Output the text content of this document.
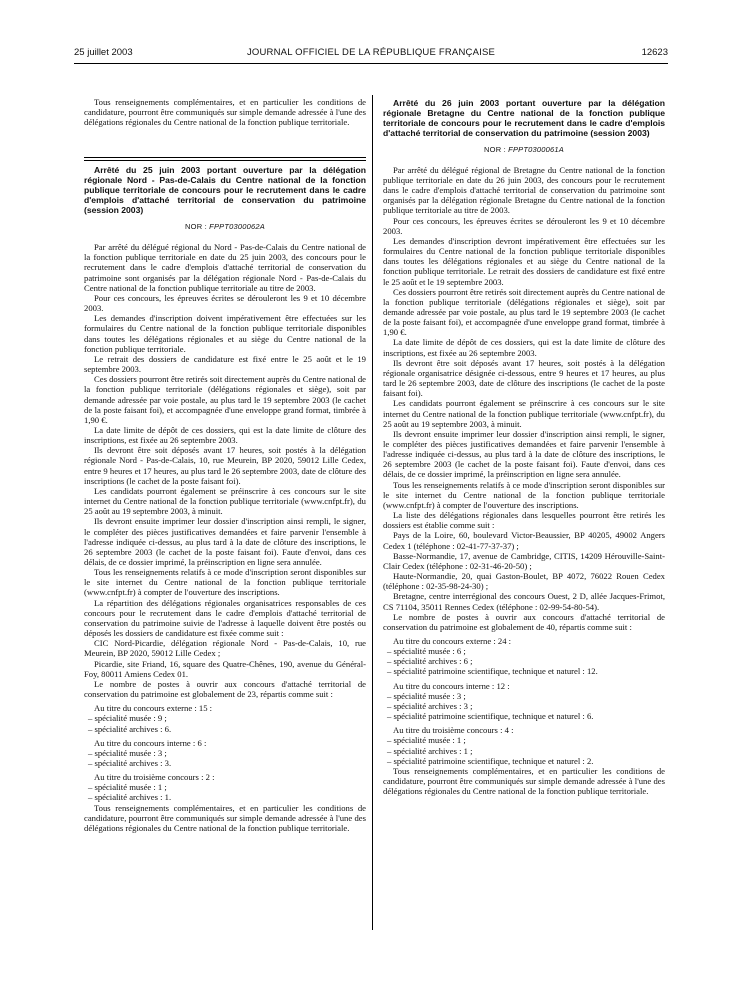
25 juillet 2003	JOURNAL OFFICIEL DE LA RÉPUBLIQUE FRANÇAISE	12623

Tous renseignements complémentaires, et en particulier les conditions de candidature, pourront être communiqués sur simple demande adressée à l'une des délégations régionales du Centre national de la fonction publique territoriale.

Arrêté du 25 juin 2003 portant ouverture par la délégation régionale Nord - Pas-de-Calais du Centre national de la fonction publique territoriale de concours pour le recrutement dans le cadre d'emplois d'attaché territorial de conservation du patrimoine (session 2003)

NOR : FPPT0300062A

Par arrêté du délégué régional du Nord - Pas-de-Calais du Centre national de la fonction publique territoriale en date du 25 juin 2003, des concours pour le recrutement dans le cadre d'emplois d'attaché territorial de conservation du patrimoine sont organisés par la délégation régionale Nord - Pas-de-Calais du Centre national de la fonction publique territoriale au titre de 2003.

Pour ces concours, les épreuves écrites se dérouleront les 9 et 10 décembre 2003.

Les demandes d'inscription doivent impérativement être effectuées sur les formulaires du Centre national de la fonction publique territoriale disponibles dans toutes les délégations régionales et au siège du Centre national de la fonction publique territoriale.

Le retrait des dossiers de candidature est fixé entre le 25 août et le 19 septembre 2003.

Ces dossiers pourront être retirés soit directement auprès du Centre national de la fonction publique territoriale (délégations régionales et siège), soit par demande adressée par voie postale, au plus tard le 19 septembre 2003 (le cachet de la poste faisant foi), et accompagnée d'une enveloppe grand format, timbrée à 1,90 €.

La date limite de dépôt de ces dossiers, qui est la date limite de clôture des inscriptions, est fixée au 26 septembre 2003.

Ils devront être soit déposés avant 17 heures, soit postés à la délégation régionale Nord - Pas-de-Calais, 10, rue Meurein, BP 2020, 59012 Lille Cedex, entre 9 heures et 17 heures, au plus tard le 26 septembre 2003, date de clôture des inscriptions (le cachet de la poste faisant foi).

Les candidats pourront également se préinscrire à ces concours sur le site internet du Centre national de la fonction publique territoriale (www.cnfpt.fr), du 25 août au 19 septembre 2003, à minuit.

Ils devront ensuite imprimer leur dossier d'inscription ainsi rempli, le signer, le compléter des pièces justificatives demandées et faire parvenir l'ensemble à l'adresse indiquée ci-dessus, au plus tard à la date de clôture des inscriptions, le 26 septembre 2003 (le cachet de la poste faisant foi). Faute d'envoi, dans ces délais, de ce dossier imprimé, la préinscription en ligne sera annulée.

Tous les renseignements relatifs à ce mode d'inscription seront disponibles sur le site internet du Centre national de la fonction publique territoriale (www.cnfpt.fr) à compter de l'ouverture des inscriptions.

La répartition des délégations régionales organisatrices responsables de ces concours pour le recrutement dans le cadre d'emplois d'attaché territorial de conservation du patrimoine suivie de l'adresse à laquelle doivent être postés ou déposés les dossiers de candidature est fixée comme suit :

CIC Nord-Picardie, délégation régionale Nord - Pas-de-Calais, 10, rue Meurein, BP 2020, 59012 Lille Cedex ;

Picardie, site Friand, 16, square des Quatre-Chênes, 190, avenue du Général-Foy, 80011 Amiens Cedex 01.

Le nombre de postes à ouvrir aux concours d'attaché territorial de conservation du patrimoine est globalement de 23, répartis comme suit :

Au titre du concours externe : 15 :

– spécialité musée : 9 ;
– spécialité archives : 6.

Au titre du concours interne : 6 :

– spécialité musée : 3 ;
– spécialité archives : 3.

Au titre du troisième concours : 2 :

– spécialité musée : 1 ;
– spécialité archives : 1.

Tous renseignements complémentaires, et en particulier les conditions de candidature, pourront être communiqués sur simple demande adressée à l'une des délégations régionales du Centre national de la fonction publique territoriale.

Arrêté du 26 juin 2003 portant ouverture par la délégation régionale Bretagne du Centre national de la fonction publique territoriale de concours pour le recrutement dans le cadre d'emplois d'attaché territorial de conservation du patrimoine (session 2003)

NOR : FPPT0300061A

Par arrêté du délégué régional de Bretagne du Centre national de la fonction publique territoriale en date du 26 juin 2003, des concours pour le recrutement dans le cadre d'emplois d'attaché territorial de conservation du patrimoine sont organisés par la délégation régionale Bretagne du Centre national de la fonction publique territoriale au titre de 2003.

Pour ces concours, les épreuves écrites se dérouleront les 9 et 10 décembre 2003.

Les demandes d'inscription devront impérativement être effectuées sur les formulaires du Centre national de la fonction publique territoriale disponibles dans toutes les délégations régionales et au siège du Centre national de la fonction publique territoriale. Le retrait des dossiers de candidature est fixé entre le 25 août et le 19 septembre 2003.

Ces dossiers pourront être retirés soit directement auprès du Centre national de la fonction publique territoriale (délégations régionales et siège), soit par demande adressée par voie postale, au plus tard le 19 septembre 2003 (le cachet de la poste faisant foi), et accompagnée d'une enveloppe grand format, timbrée à 1,90 €.

La date limite de dépôt de ces dossiers, qui est la date limite de clôture des inscriptions, est fixée au 26 septembre 2003.

Ils devront être soit déposés avant 17 heures, soit postés à la délégation régionale organisatrice désignée ci-dessous, entre 9 heures et 17 heures, au plus tard le 26 septembre 2003, date de clôture des inscriptions (le cachet de la poste faisant foi).

Les candidats pourront également se préinscrire à ces concours sur le site internet du Centre national de la fonction publique territoriale (www.cnfpt.fr), du 25 août au 19 septembre 2003, à minuit.

Ils devront ensuite imprimer leur dossier d'inscription ainsi rempli, le signer, le compléter des pièces justificatives demandées et faire parvenir l'ensemble à l'adresse indiquée ci-dessus, au plus tard à la date de clôture des inscriptions, le 26 septembre 2003 (le cachet de la poste faisant foi). Faute d'envoi, dans ces délais, de ce dossier imprimé, la préinscription en ligne sera annulée.

Tous les renseignements relatifs à ce mode d'inscription seront disponibles sur le site internet du Centre national de la fonction publique territoriale (www.cnfpt.fr) à compter de l'ouverture des inscriptions.

La liste des délégations régionales dans lesquelles pourront être retirés les dossiers est établie comme suit :

Pays de la Loire, 60, boulevard Victor-Beaussier, BP 40205, 49002 Angers Cedex 1 (téléphone : 02-41-77-37-37) ;

Basse-Normandie, 17, avenue de Cambridge, CITIS, 14209 Hérouville-Saint-Clair Cedex (téléphone : 02-31-46-20-50) ;

Haute-Normandie, 20, quai Gaston-Boulet, BP 4072, 76022 Rouen Cedex (téléphone : 02-35-98-24-30) ;

Bretagne, centre interrégional des concours Ouest, 2 D, allée Jacques-Frimot, CS 71104, 35011 Rennes Cedex (téléphone : 02-99-54-80-54).

Le nombre de postes à ouvrir aux concours d'attaché territorial de conservation du patrimoine est globalement de 40, répartis comme suit :

Au titre du concours externe : 24 :

– spécialité musée : 6 ;
– spécialité archives : 6 ;
– spécialité patrimoine scientifique, technique et naturel : 12.

Au titre du concours interne : 12 :

– spécialité musée : 3 ;
– spécialité archives : 3 ;
– spécialité patrimoine scientifique, technique et naturel : 6.

Au titre du troisième concours : 4 :

– spécialité musée : 1 ;
– spécialité archives : 1 ;
– spécialité patrimoine scientifique, technique et naturel : 2.

Tous renseignements complémentaires, et en particulier les conditions de candidature, pourront être communiqués sur simple demande adressée à l'une des délégations régionales du Centre national de la fonction publique territoriale.
